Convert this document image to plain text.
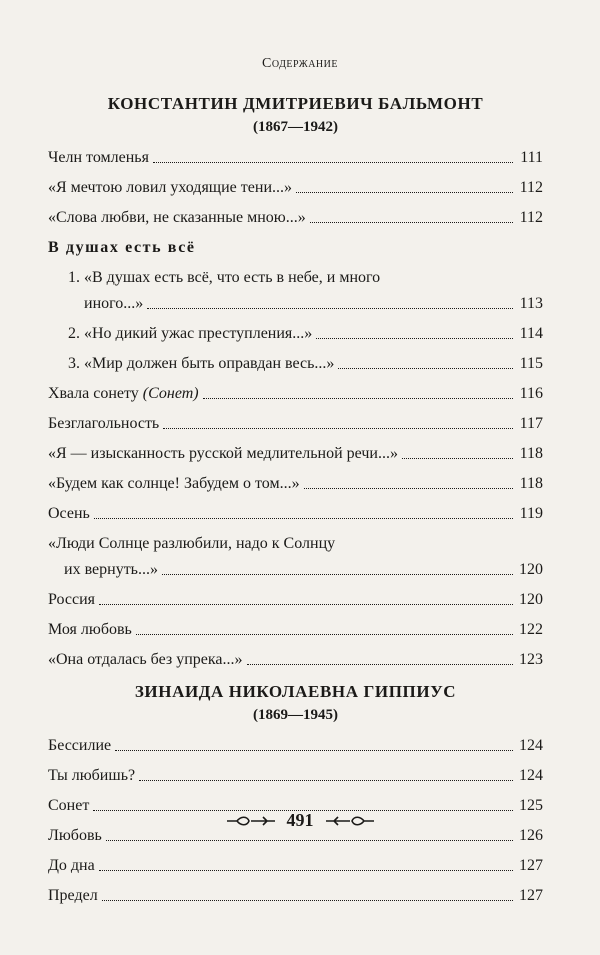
Содержание

КОНСТАНТИН ДМИТРИЕВИЧ БАЛЬМОНТ

(1867—1942)

Челн томленья	111
«Я мечтою ловил уходящие тени...»	112
«Слова любви, не сказанные мною...»	112
В душах есть всё
1. «В душах есть всё, что есть в небе, и много
иного...»	113
2. «Но дикий ужас преступления...»	114
3. «Мир должен быть оправдан весь...»	115
Хвала сонету (Сонет)	116
Безглагольность	117
«Я — изысканность русской медлительной речи...»	118
«Будем как солнце! Забудем о том...»	118
Осень	119
«Люди Солнце разлюбили, надо к Солнцу
их вернуть...»	120
Россия	120
Моя любовь	122
«Она отдалась без упрека...»	123

ЗИНАИДА НИКОЛАЕВНА ГИППИУС

(1869—1945)

Бессилие	124
Ты любишь?	124
Сонет	125
Любовь	126
До дна	127
Предел	127
491
